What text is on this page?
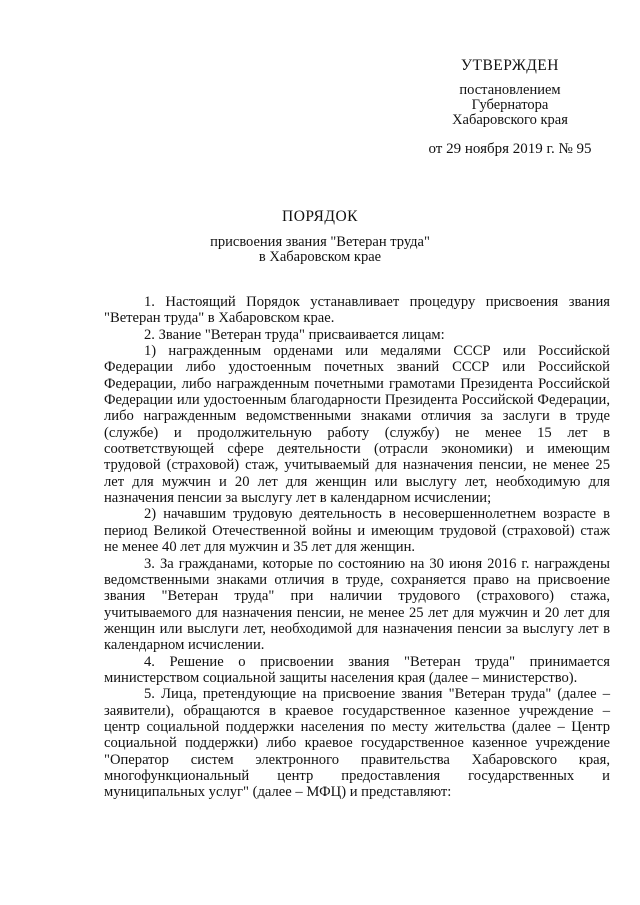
УТВЕРЖДЕН
постановлением
Губернатора
Хабаровского края
от 29 ноября 2019 г. № 95
ПОРЯДОК
присвоения звания "Ветеран труда"
в Хабаровском крае

1. Настоящий Порядок устанавливает процедуру присвоения звания "Ветеран труда" в Хабаровском крае.

2. Звание "Ветеран труда" присваивается лицам:

1) награжденным орденами или медалями СССР или Российской Федерации либо удостоенным почетных званий СССР или Российской Федерации, либо награжденным почетными грамотами Президента Российской Федерации или удостоенным благодарности Президента Российской Федерации, либо награжденным ведомственными знаками отличия за заслуги в труде (службе) и продолжительную работу (службу) не менее 15 лет в соответствующей сфере деятельности (отрасли экономики) и имеющим трудовой (страховой) стаж, учитываемый для назначения пенсии, не менее 25 лет для мужчин и 20 лет для женщин или выслугу лет, необходимую для назначения пенсии за выслугу лет в календарном исчислении;

2) начавшим трудовую деятельность в несовершеннолетнем возрасте в период Великой Отечественной войны и имеющим трудовой (страховой) стаж не менее 40 лет для мужчин и 35 лет для женщин.

3. За гражданами, которые по состоянию на 30 июня 2016 г. награждены ведомственными знаками отличия в труде, сохраняется право на присвоение звания "Ветеран труда" при наличии трудового (страхового) стажа, учитываемого для назначения пенсии, не менее 25 лет для мужчин и 20 лет для женщин или выслуги лет, необходимой для назначения пенсии за выслугу лет в календарном исчислении.

4. Решение о присвоении звания "Ветеран труда" принимается министерством социальной защиты населения края (далее – министерство).

5. Лица, претендующие на присвоение звания "Ветеран труда" (далее – заявители), обращаются в краевое государственное казенное учреждение – центр социальной поддержки населения по месту жительства (далее – Центр социальной поддержки) либо краевое государственное казенное учреждение "Оператор систем электронного правительства Хабаровского края, многофункциональный центр предоставления государственных и муниципальных услуг" (далее – МФЦ) и представляют:
